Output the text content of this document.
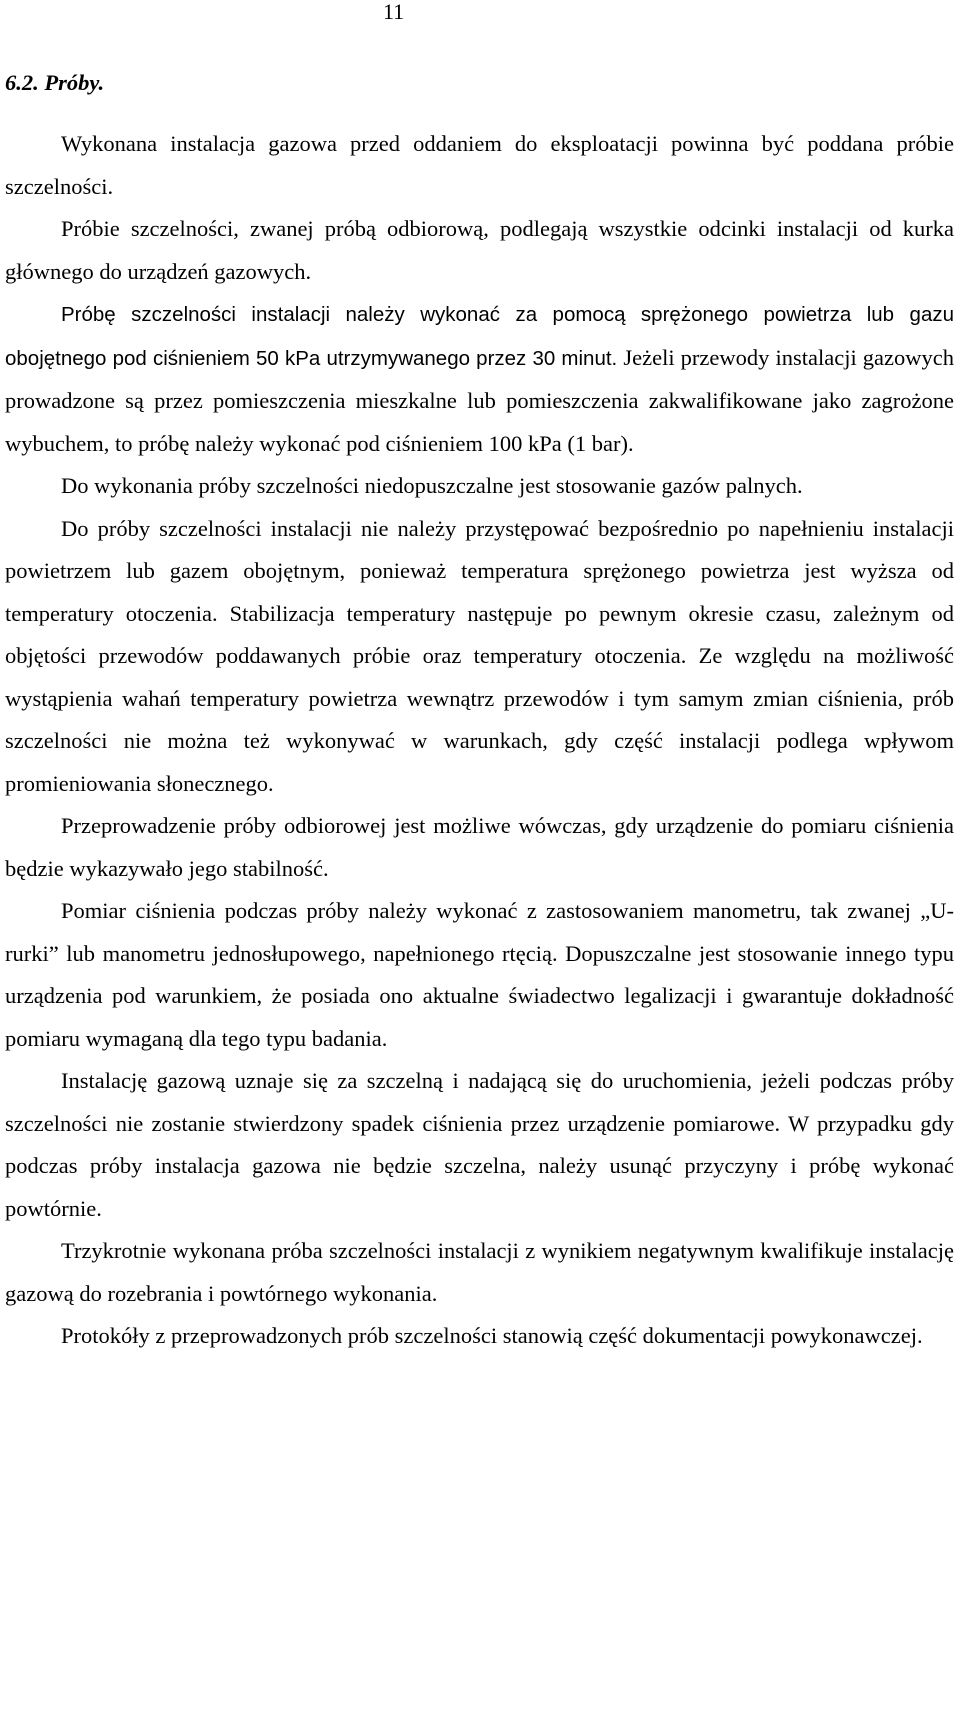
11
6.2. Próby.

Wykonana instalacja gazowa przed oddaniem do eksploatacji powinna być poddana próbie szczelności.

Próbie szczelności, zwanej próbą odbiorową, podlegają wszystkie odcinki instalacji od kurka głównego do urządzeń gazowych.

Próbę szczelności instalacji należy wykonać za pomocą sprężonego powietrza lub gazu obojętnego pod ciśnieniem 50 kPa utrzymywanego przez 30 minut. Jeżeli przewody instalacji gazowych prowadzone są przez pomieszczenia mieszkalne lub pomieszczenia zakwalifikowane jako zagrożone wybuchem, to próbę należy wykonać pod ciśnieniem 100 kPa (1 bar).

Do wykonania próby szczelności niedopuszczalne jest stosowanie gazów palnych.

Do próby szczelności instalacji nie należy przystępować bezpośrednio po napełnieniu instalacji powietrzem lub gazem obojętnym, ponieważ temperatura sprężonego powietrza jest wyższa od temperatury otoczenia. Stabilizacja temperatury następuje po pewnym okresie czasu, zależnym od objętości przewodów poddawanych próbie oraz temperatury otoczenia. Ze względu na możliwość wystąpienia wahań temperatury powietrza wewnątrz przewodów i tym samym zmian ciśnienia, prób szczelności nie można też wykonywać w warunkach, gdy część instalacji podlega wpływom promieniowania słonecznego.

Przeprowadzenie próby odbiorowej jest możliwe wówczas, gdy urządzenie do pomiaru ciśnienia będzie wykazywało jego stabilność.

Pomiar ciśnienia podczas próby należy wykonać z zastosowaniem manometru, tak zwanej „U-rurki” lub manometru jednosłupowego, napełnionego rtęcią. Dopuszczalne jest stosowanie innego typu urządzenia pod warunkiem, że posiada ono aktualne świadectwo legalizacji i gwarantuje dokładność pomiaru wymaganą dla tego typu badania.

Instalację gazową uznaje się za szczelną i nadającą się do uruchomienia, jeżeli podczas próby szczelności nie zostanie stwierdzony spadek ciśnienia przez urządzenie pomiarowe. W przypadku gdy podczas próby instalacja gazowa nie będzie szczelna, należy usunąć przyczyny i próbę wykonać powtórnie.

Trzykrotnie wykonana próba szczelności instalacji z wynikiem negatywnym kwalifikuje instalację gazową do rozebrania i powtórnego wykonania.

Protokóły z przeprowadzonych prób szczelności stanowią część dokumentacji powykonawczej.
